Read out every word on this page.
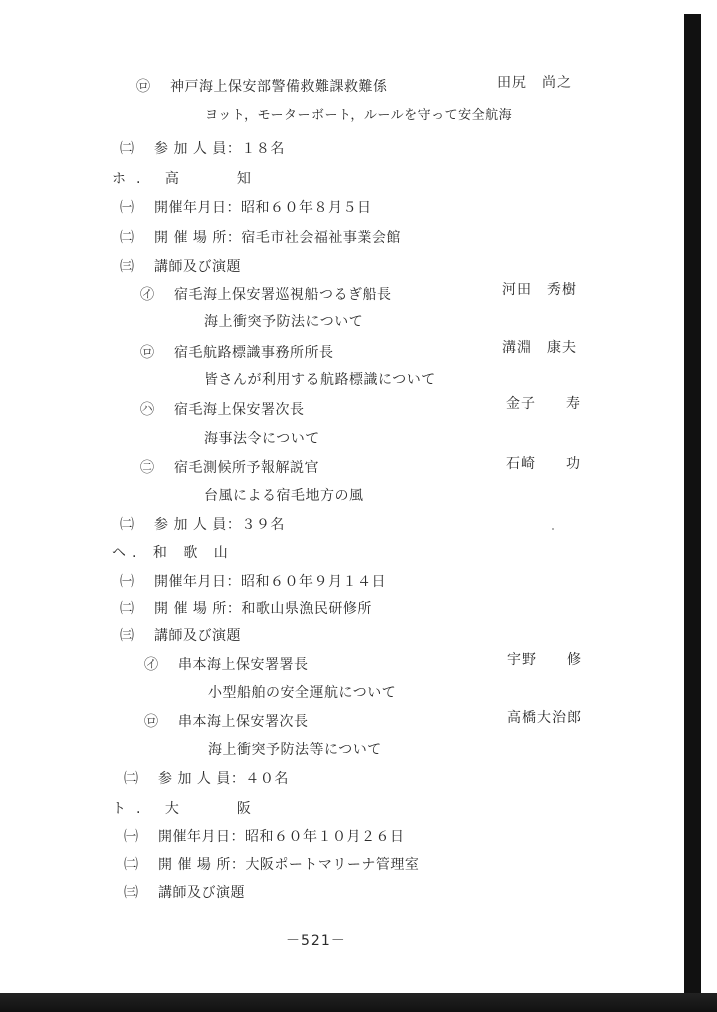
㋺ 神戸海上保安部警備救難課救難係	田尻　尚之
ヨット，モーターボート，ルールを守って安全航海
㈡ 参 加 人 員：１８名
ホ. 高　　知
㈠ 開催年月日：昭和６０年８月５日
㈡ 開 催 場 所：宿毛市社会福祉事業会館
㈢ 講師及び演題
㋑ 宿毛海上保安署巡視船つるぎ船長	河田　秀樹
海上衝突予防法について
㋺ 宿毛航路標識事務所所長	溝淵　康夫
皆さんが利用する航路標識について
㋩ 宿毛海上保安署次長	金子　　寿
海事法令について
㊁ 宿毛測候所予報解説官	石崎　　功
台風による宿毛地方の風
㈡ 参 加 人 員：３９名
ヘ. 和 歌 山
㈠ 開催年月日：昭和６０年９月１４日
㈡ 開 催 場 所：和歌山県漁民研修所
㈢ 講師及び演題
㋑ 串本海上保安署署長	宇野　　修
小型船舶の安全運航について
㋺ 串本海上保安署次長	高橋大治郎
海上衝突予防法等について
㈡ 参 加 人 員：４０名
ト. 大　　阪
㈠ 開催年月日：昭和６０年１０月２６日
㈡ 開 催 場 所：大阪ポートマリーナ管理室
㈢ 講師及び演題
－521－
